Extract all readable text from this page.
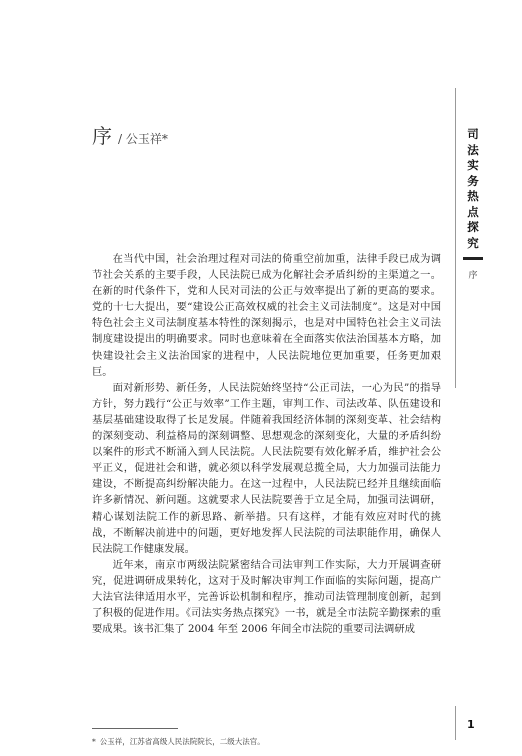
序 / 公玉祥*	司
法
实
务
热
点
探
究
序

在当代中国，社会治理过程对司法的倚重空前加重，法律手段已成为调节社会关系的主要手段，人民法院已成为化解社会矛盾纠纷的主渠道之一。在新的时代条件下，党和人民对司法的公正与效率提出了新的更高的要求。党的十七大提出，要“建设公正高效权威的社会主义司法制度”。这是对中国特色社会主义司法制度基本特性的深刻揭示，也是对中国特色社会主义司法制度建设提出的明确要求。同时也意味着在全面落实依法治国基本方略，加快建设社会主义法治国家的进程中，人民法院地位更加重要，任务更加艰巨。

面对新形势、新任务，人民法院始终坚持“公正司法，一心为民”的指导方针，努力践行“公正与效率”工作主题，审判工作、司法改革、队伍建设和基层基础建设取得了长足发展。伴随着我国经济体制的深刻变革、社会结构的深刻变动、利益格局的深刻调整、思想观念的深刻变化，大量的矛盾纠纷以案件的形式不断涌入到人民法院。人民法院要有效化解矛盾，维护社会公平正义，促进社会和谐，就必须以科学发展观总揽全局，大力加强司法能力建设，不断提高纠纷解决能力。在这一过程中，人民法院已经并且继续面临许多新情况、新问题。这就要求人民法院要善于立足全局，加强司法调研，精心谋划法院工作的新思路、新举措。只有这样，才能有效应对时代的挑战，不断解决前进中的问题，更好地发挥人民法院的司法职能作用，确保人民法院工作健康发展。

近年来，南京市两级法院紧密结合司法审判工作实际，大力开展调查研究，促进调研成果转化，这对于及时解决审判工作面临的实际问题，提高广大法官法律适用水平，完善诉讼机制和程序，推动司法管理制度创新，起到了积极的促进作用。《司法实务热点探究》一书，就是全市法院辛勤探索的重要成果。该书汇集了 2004 年至 2006 年间全市法院的重要司法调研成

* 公玉祥，江苏省高级人民法院院长，二级大法官。
1
